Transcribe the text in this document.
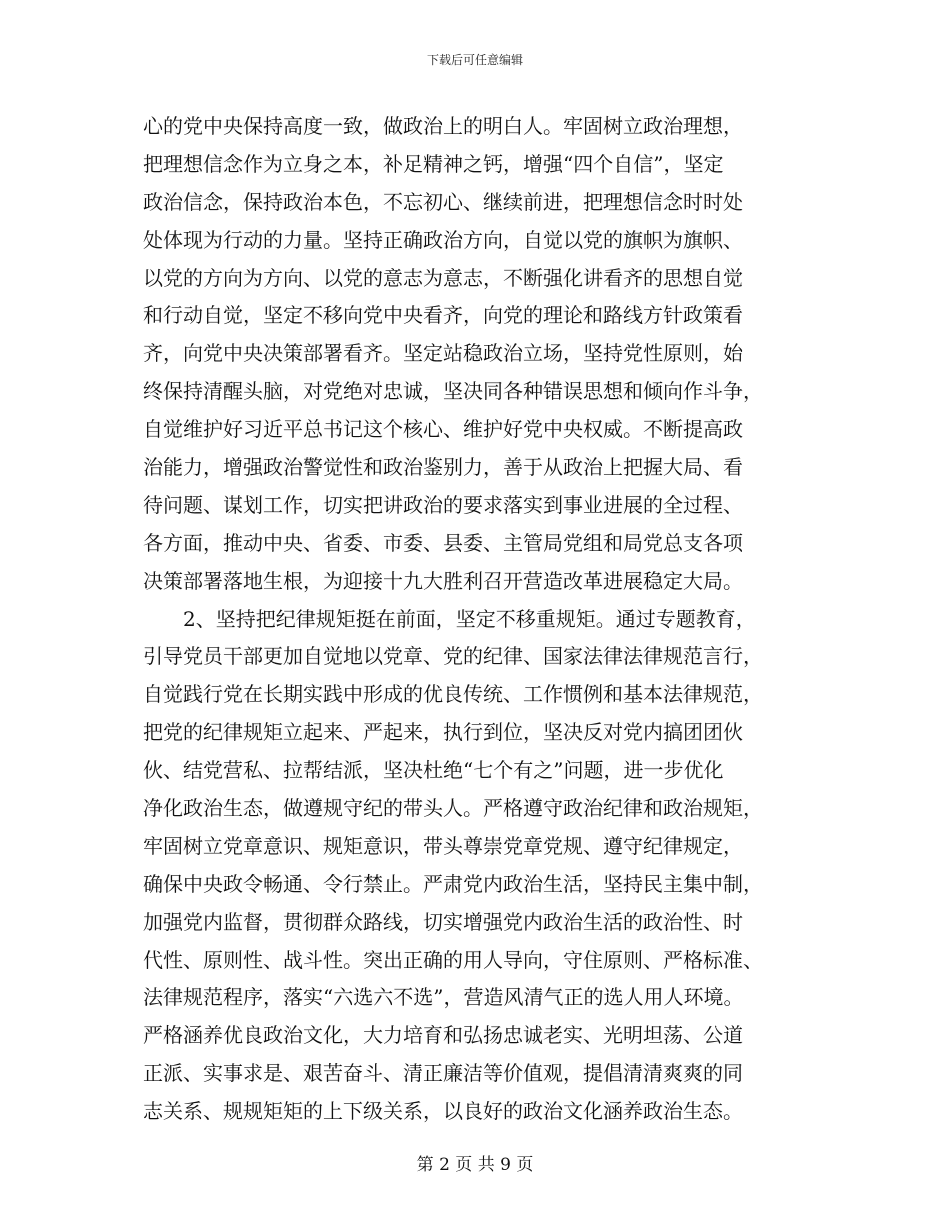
下载后可任意编辑
心的党中央保持高度一致，做政治上的明白人。牢固树立政治理想，
把理想信念作为立身之本，补足精神之钙，增强“四个自信”，坚定
政治信念，保持政治本色，不忘初心、继续前进，把理想信念时时处
处体现为行动的力量。坚持正确政治方向，自觉以党的旗帜为旗帜、
以党的方向为方向、以党的意志为意志，不断强化讲看齐的思想自觉
和行动自觉，坚定不移向党中央看齐，向党的理论和路线方针政策看
齐，向党中央决策部署看齐。坚定站稳政治立场，坚持党性原则，始
终保持清醒头脑，对党绝对忠诚，坚决同各种错误思想和倾向作斗争，
自觉维护好习近平总书记这个核心、维护好党中央权威。不断提高政
治能力，增强政治警觉性和政治鉴别力，善于从政治上把握大局、看
待问题、谋划工作，切实把讲政治的要求落实到事业进展的全过程、
各方面，推动中央、省委、市委、县委、主管局党组和局党总支各项
决策部署落地生根，为迎接十九大胜利召开营造改革进展稳定大局。
　　2、坚持把纪律规矩挺在前面，坚定不移重规矩。通过专题教育，
引导党员干部更加自觉地以党章、党的纪律、国家法律法律规范言行，
自觉践行党在长期实践中形成的优良传统、工作惯例和基本法律规范，
把党的纪律规矩立起来、严起来，执行到位，坚决反对党内搞团团伙
伙、结党营私、拉帮结派，坚决杜绝“七个有之”问题，进一步优化
净化政治生态，做遵规守纪的带头人。严格遵守政治纪律和政治规矩，
牢固树立党章意识、规矩意识，带头尊崇党章党规、遵守纪律规定，
确保中央政令畅通、令行禁止。严肃党内政治生活，坚持民主集中制，
加强党内监督，贯彻群众路线，切实增强党内政治生活的政治性、时
代性、原则性、战斗性。突出正确的用人导向，守住原则、严格标准、
法律规范程序，落实“六选六不选”，营造风清气正的选人用人环境。
严格涵养优良政治文化，大力培育和弘扬忠诚老实、光明坦荡、公道
正派、实事求是、艰苦奋斗、清正廉洁等价值观，提倡清清爽爽的同
志关系、规规矩矩的上下级关系，以良好的政治文化涵养政治生态。
第 2 页 共 9 页
